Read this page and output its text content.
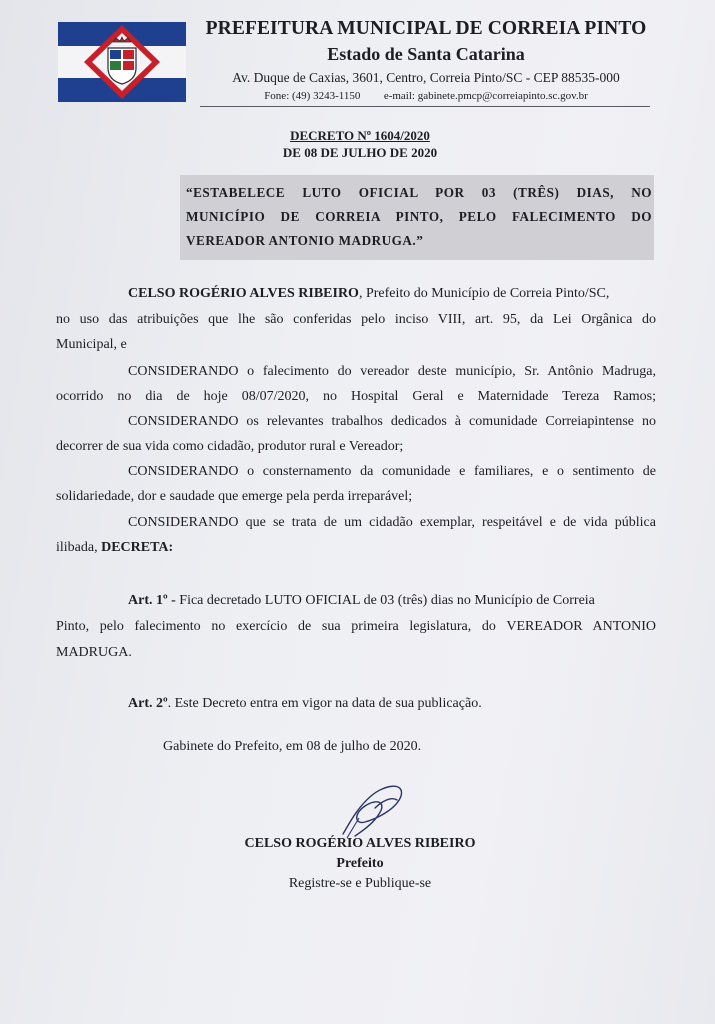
PREFEITURA MUNICIPAL DE CORREIA PINTO
Estado de Santa Catarina
Av. Duque de Caxias, 3601, Centro, Correia Pinto/SC - CEP 88535-000
Fone: (49) 3243-1150 e-mail: gabinete.pmcp@correiapinto.sc.gov.br
DECRETO Nº 1604/2020
DE 08 DE JULHO DE 2020
“ESTABELECE LUTO OFICIAL POR 03 (TRÊS) DIAS, NO
MUNICÍPIO DE CORREIA PINTO, PELO FALECIMENTO DO
VEREADOR ANTONIO MADRUGA.”
CELSO ROGÉRIO ALVES RIBEIRO, Prefeito do Município de Correia Pinto/SC,
no uso das atribuições que lhe são conferidas pelo inciso VIII, art. 95, da Lei Orgânica do
Municipal, e
CONSIDERANDO o falecimento do vereador deste município, Sr. Antônio Madruga,
ocorrido no dia de hoje 08/07/2020, no Hospital Geral e Maternidade Tereza Ramos;
CONSIDERANDO os relevantes trabalhos dedicados à comunidade Correiapintense no
decorrer de sua vida como cidadão, produtor rural e Vereador;
CONSIDERANDO o consternamento da comunidade e familiares, e o sentimento de
solidariedade, dor e saudade que emerge pela perda irreparável;
CONSIDERANDO que se trata de um cidadão exemplar, respeitável e de vida pública
ilibada, DECRETA:
Art. 1º - Fica decretado LUTO OFICIAL de 03 (três) dias no Município de Correia
Pinto, pelo falecimento no exercício de sua primeira legislatura, do VEREADOR ANTONIO
MADRUGA.
Art. 2º. Este Decreto entra em vigor na data de sua publicação.
Gabinete do Prefeito, em 08 de julho de 2020.
CELSO ROGÉRIO ALVES RIBEIRO
Prefeito
Registre-se e Publique-se
